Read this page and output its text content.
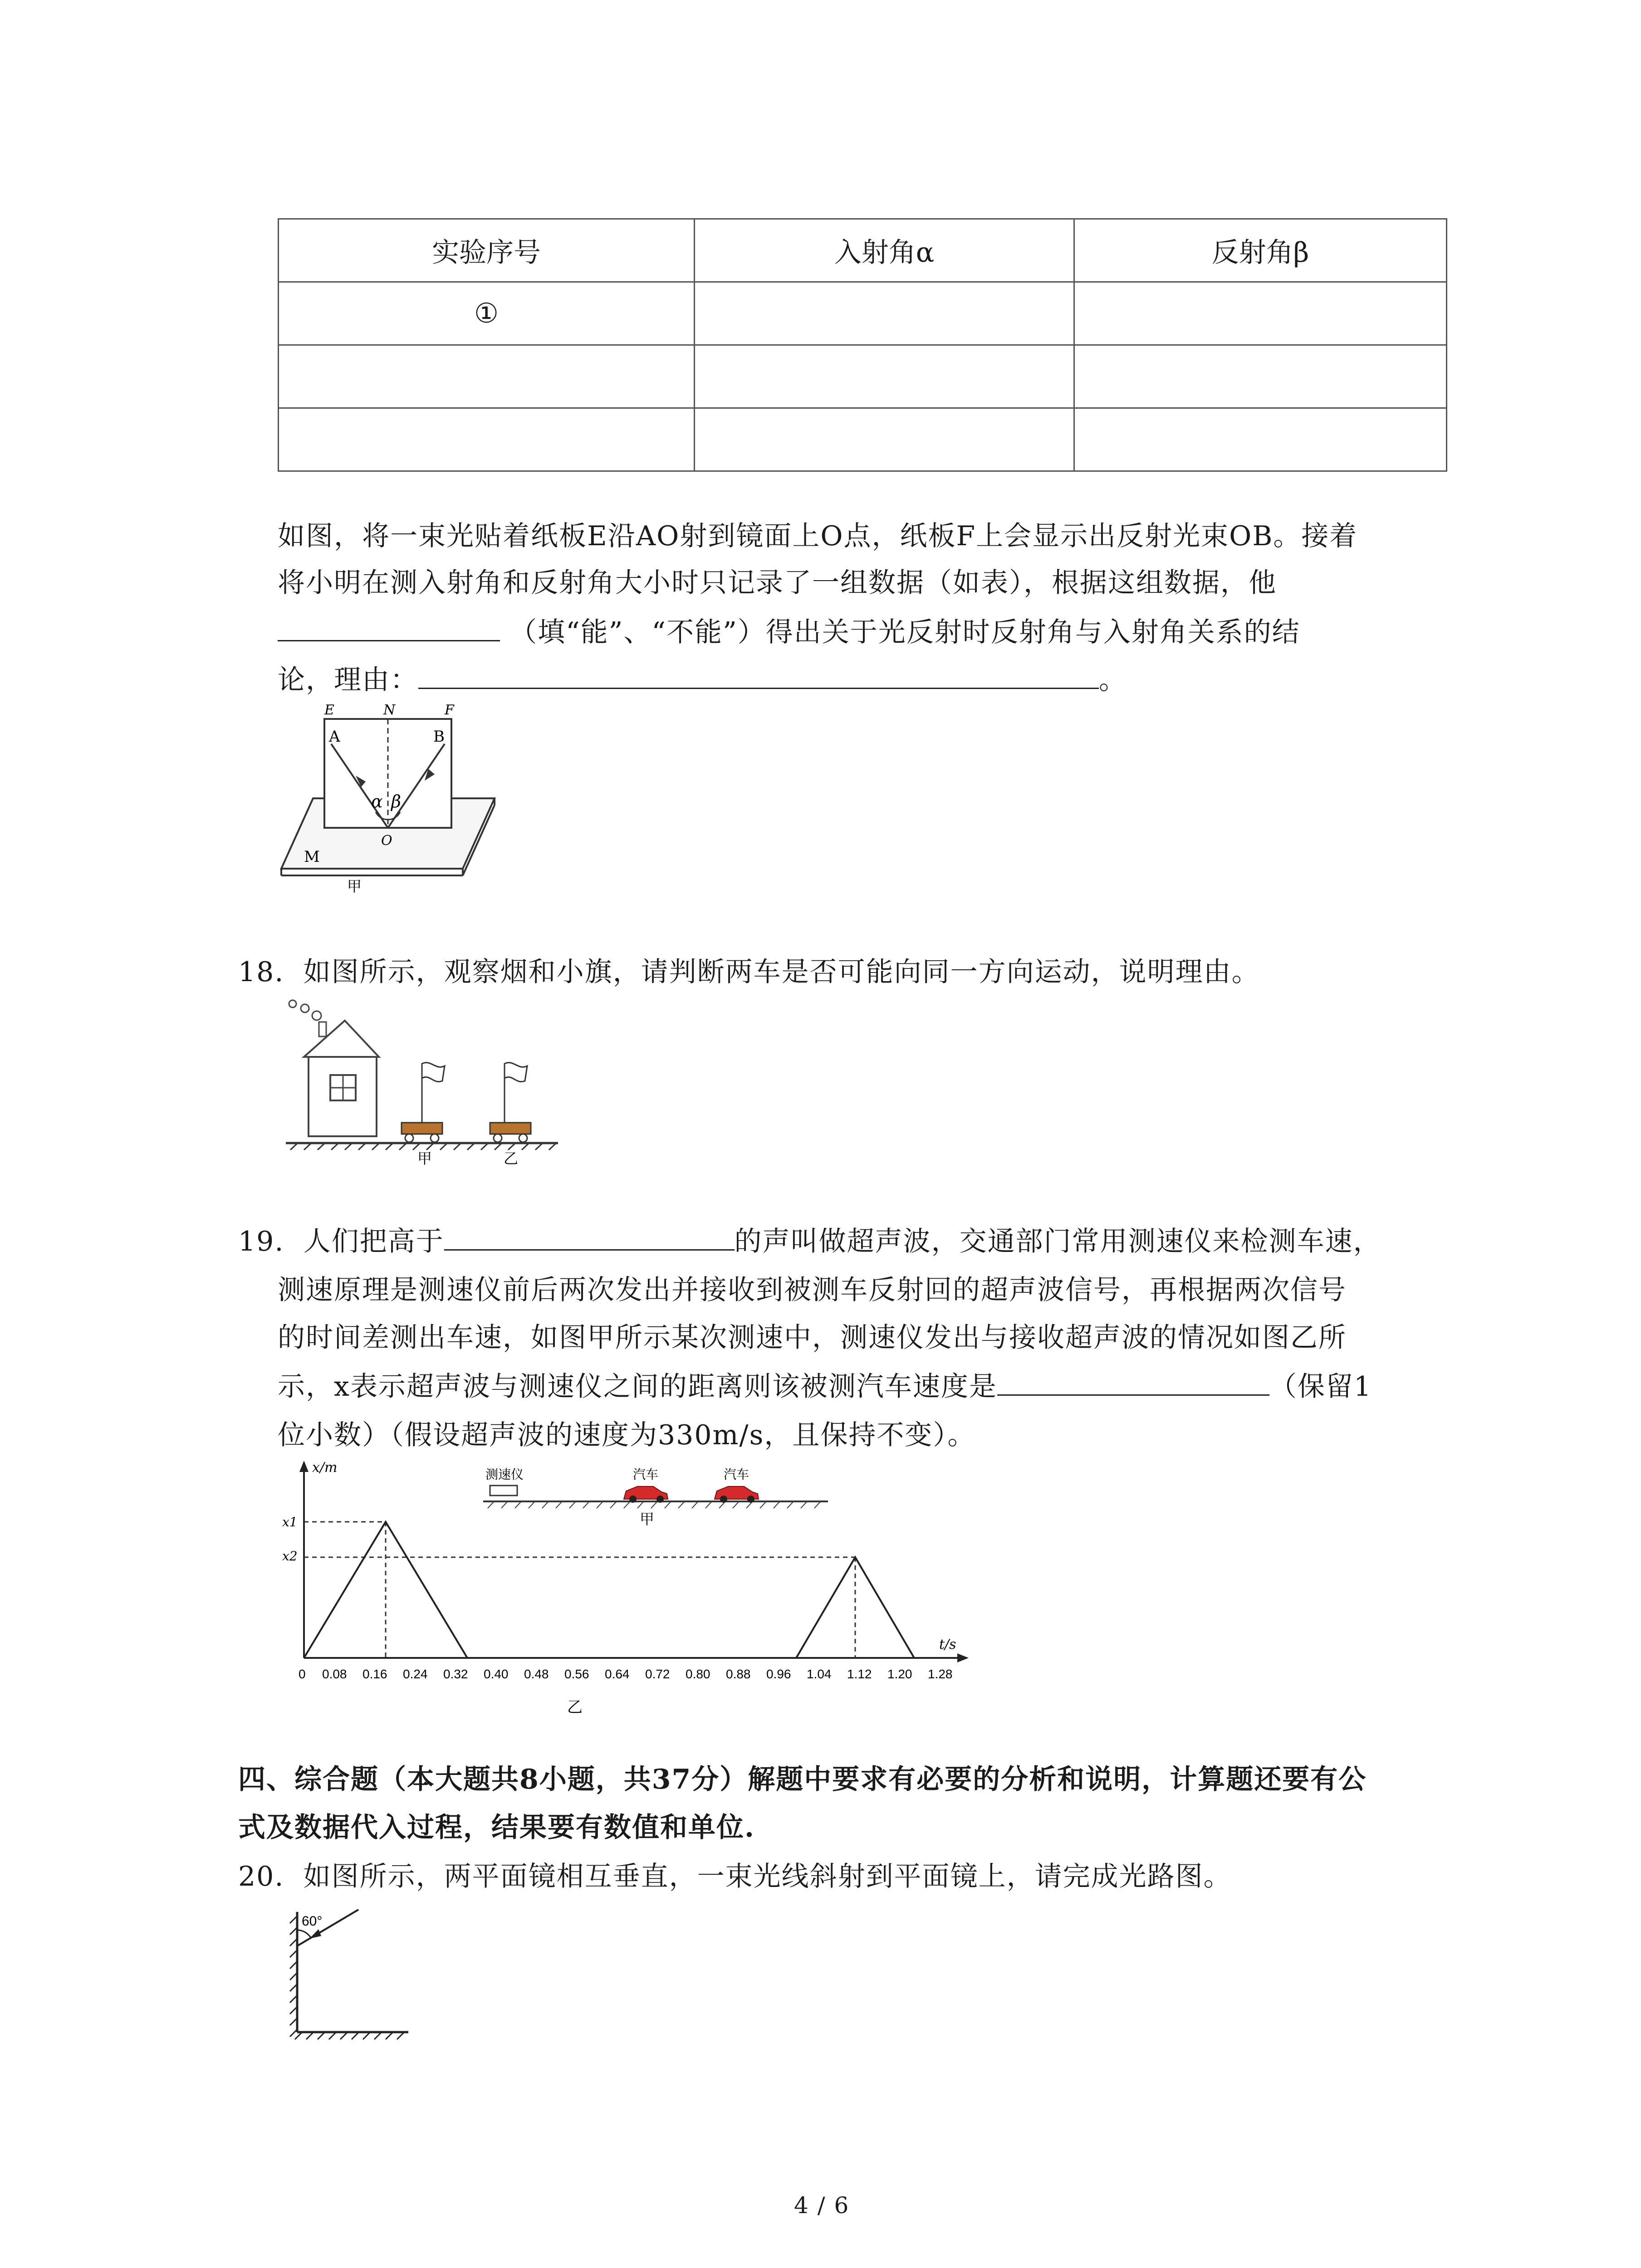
实验序号	入射角α	反射角β
①		

如图，将一束光贴着纸板E沿AO射到镜面上O点，纸板F上会显示出反射光束OB。接着
将小明在测入射角和反射角大小时只记录了一组数据（如表），根据这组数据，他
（填“能”、“不能”）得出关于光反射时反射角与入射角关系的结
论，理由：	。
E	N	F
A	B
α β
O
M
甲
18. 如图所示，观察烟和小旗，请判断两车是否可能向同一方向运动，说明理由。
甲	乙
19. 人们把高于	的声叫做超声波，交通部门常用测速仪来检测车速，
测速原理是测速仪前后两次发出并接收到被测车反射回的超声波信号，再根据两次信号
的时间差测出车速，如图甲所示某次测速中，测速仪发出与接收超声波的情况如图乙所
示，x表示超声波与测速仪之间的距离则该被测汽车速度是	（保留1
位小数）（假设超声波的速度为330m/s，且保持不变）。
x/m
t/s
x1
x2
0 0.08 0.16 0.24 0.32 0.40 0.48 0.56 0.64 0.72 0.80 0.88 0.96 1.04 1.12 1.20 1.28
乙
测速仪	汽车	汽车
甲
四、综合题（本大题共8小题，共37分）解题中要求有必要的分析和说明，计算题还要有公
式及数据代入过程，结果要有数值和单位.
20. 如图所示，两平面镜相互垂直，一束光线斜射到平面镜上，请完成光路图。
60°
4 / 6
